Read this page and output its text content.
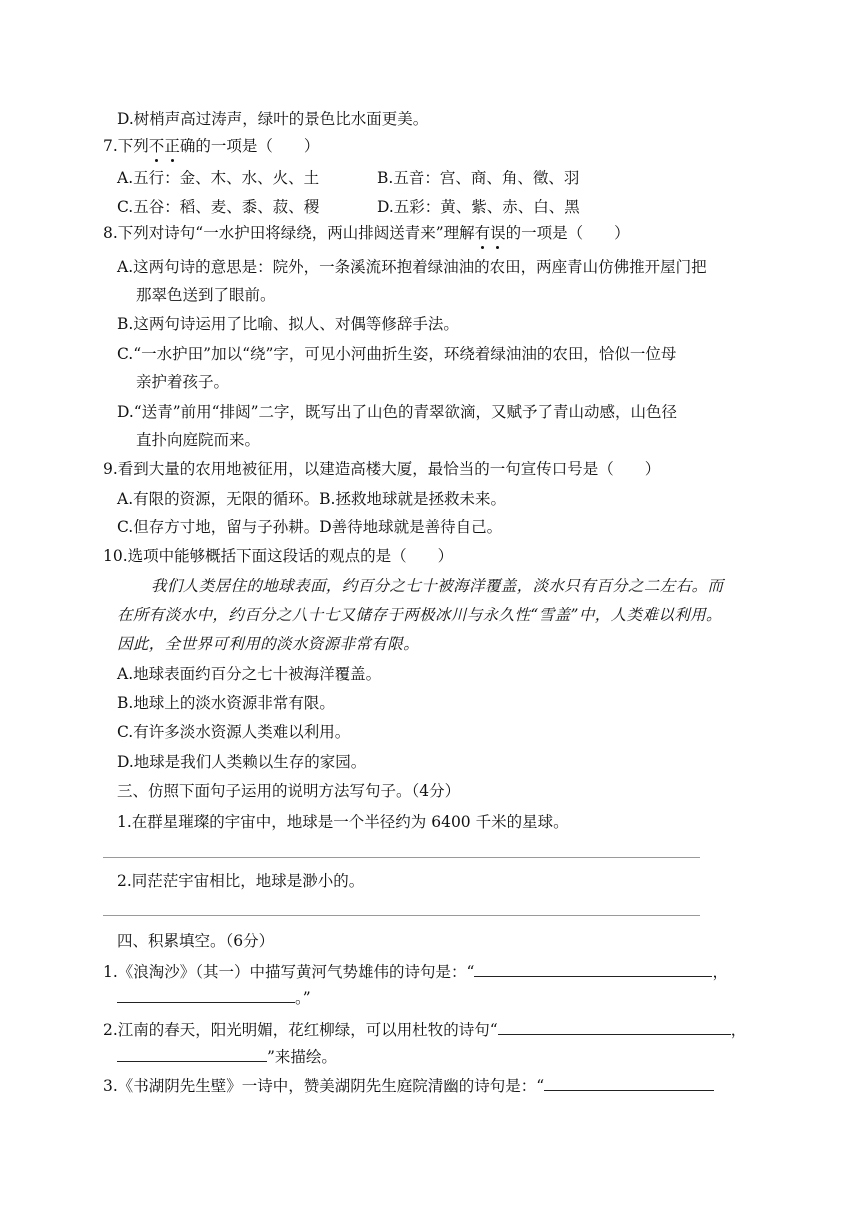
D.树梢声高过涛声，绿叶的景色比水面更美。
7.下列不正确的一项是（　　）
A.五行：金、木、水、火、土	B.五音：宫、商、角、徵、羽
C.五谷：稻、麦、黍、菽、稷	D.五彩：黄、紫、赤、白、黑
8.下列对诗句“一水护田将绿绕，两山排闼送青来”理解有误的一项是（　　）
A.这两句诗的意思是：院外，一条溪流环抱着绿油油的农田，两座青山仿佛推开屋门把
那翠色送到了眼前。
B.这两句诗运用了比喻、拟人、对偶等修辞手法。
C.“一水护田”加以“绕”字，可见小河曲折生姿，环绕着绿油油的农田，恰似一位母
亲护着孩子。
D.“送青”前用“排闼”二字，既写出了山色的青翠欲滴，又赋予了青山动感，山色径
直扑向庭院而来。
9.看到大量的农用地被征用，以建造高楼大厦，最恰当的一句宣传口号是（　　）
A.有限的资源，无限的循环。B.拯救地球就是拯救未来。
C.但存方寸地，留与子孙耕。D善待地球就是善待自己。
10.选项中能够概括下面这段话的观点的是（　　）
我们人类居住的地球表面，约百分之七十被海洋覆盖，淡水只有百分之二左右。而
在所有淡水中，约百分之八十七又储存于两极冰川与永久性“雪盖”中，人类难以利用。
因此，全世界可利用的淡水资源非常有限。
A.地球表面约百分之七十被海洋覆盖。
B.地球上的淡水资源非常有限。
C.有许多淡水资源人类难以利用。
D.地球是我们人类赖以生存的家园。
三、仿照下面句子运用的说明方法写句子。（4分）
1.在群星璀璨的宇宙中，地球是一个半径约为 6400 千米的星球。
2.同茫茫宇宙相比，地球是渺小的。
四、积累填空。（6分）
1.《浪淘沙》（其一）中描写黄河气势雄伟的诗句是：“	，
。”
2.江南的春天，阳光明媚，花红柳绿，可以用杜牧的诗句“	，
”来描绘。
3.《书湖阴先生壁》一诗中，赞美湖阴先生庭院清幽的诗句是：“
